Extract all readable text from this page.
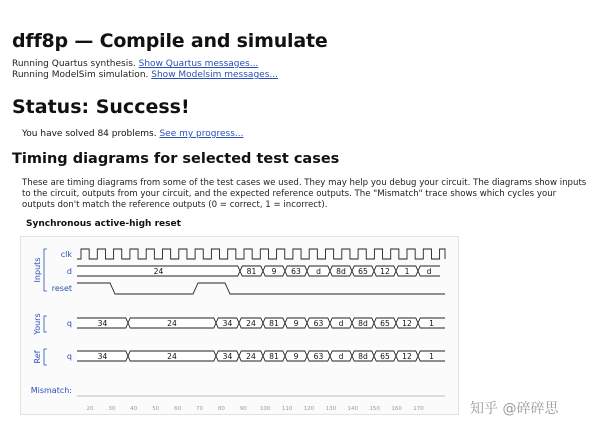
dff8p — Compile and simulate
Running Quartus synthesis. Show Quartus messages...
Running ModelSim simulation. Show Modelsim messages...
Status: Success!
You have solved 84 problems. See my progress...
Timing diagrams for selected test cases
These are timing diagrams from some of the test cases we used. They may help you debug your circuit. The diagrams show inputs to the circuit, outputs from your circuit, and the expected reference outputs. The "Mismatch" trace shows which cycles your outputs don't match the reference outputs (0 = correct, 1 = incorrect).
Synchronous active-high reset
Inputs
Yours
Ref
clk
d
reset
q
q
Mismatch:
24	81 9 63 d 8d 65 12 1 d
34	24	34 24 81 9 63 d 8d 65 12 1
34	24	34 24 81 9 63 d 8d 65 12 1
20	30	40	50	60	70	80	90 100 110 120 130 140 150 160 170	知乎 @碎碎思
